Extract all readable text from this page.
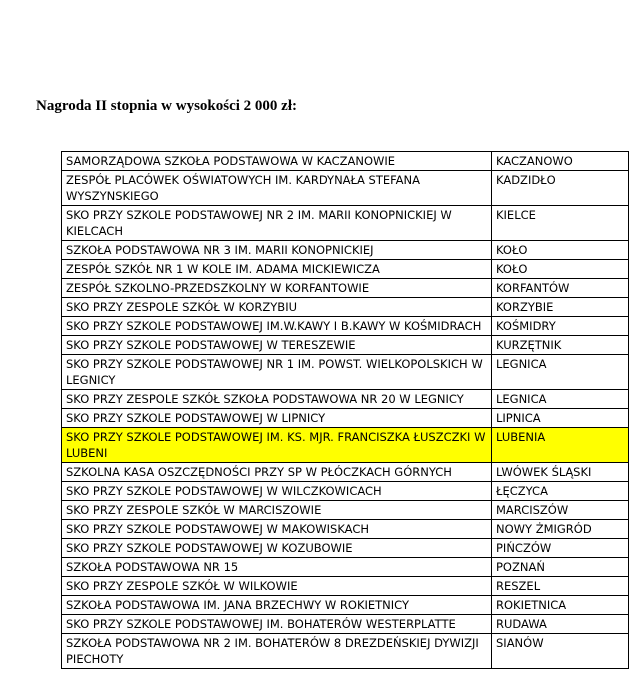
Nagroda II stopnia w wysokości 2 000 zł:

SAMORZĄDOWA SZKOŁA PODSTAWOWA W KACZANOWIE	KACZANOWO
ZESPÓŁ PLACÓWEK OŚWIATOWYCH IM. KARDYNAŁA STEFANA WYSZYNSKIEGO	KADZIDŁO
SKO PRZY SZKOLE PODSTAWOWEJ NR 2 IM. MARII KONOPNICKIEJ W KIELCACH	KIELCE
SZKOŁA PODSTAWOWA NR 3 IM. MARII KONOPNICKIEJ	KOŁO
ZESPÓŁ SZKÓŁ NR 1 W KOLE IM. ADAMA MICKIEWICZA	KOŁO
ZESPÓŁ SZKOLNO-PRZEDSZKOLNY W KORFANTOWIE	KORFANTÓW
SKO PRZY ZESPOLE SZKÓŁ W KORZYBIU	KORZYBIE
SKO PRZY SZKOLE PODSTAWOWEJ IM.W.KAWY I B.KAWY W KOŚMIDRACH	KOŚMIDRY
SKO PRZY SZKOLE PODSTAWOWEJ W TERESZEWIE	KURZĘTNIK
SKO PRZY SZKOLE PODSTAWOWEJ NR 1 IM. POWST. WIELKOPOLSKICH W LEGNICY	LEGNICA
SKO PRZY ZESPOLE SZKÓŁ SZKOŁA PODSTAWOWA NR 20 W LEGNICY	LEGNICA
SKO PRZY SZKOLE PODSTAWOWEJ W LIPNICY	LIPNICA
SKO PRZY SZKOLE PODSTAWOWEJ IM. KS. MJR. FRANCISZKA ŁUSZCZKI W LUBENI	LUBENIA
SZKOLNA KASA OSZCZĘDNOŚCI PRZY SP W PŁÓCZKACH GÓRNYCH	LWÓWEK ŚLĄSKI
SKO PRZY SZKOLE PODSTAWOWEJ W WILCZKOWICACH	ŁĘCZYCA
SKO PRZY ZESPOLE SZKÓŁ W MARCISZOWIE	MARCISZÓW
SKO PRZY SZKOLE PODSTAWOWEJ W MAKOWISKACH	NOWY ŻMIGRÓD
SKO PRZY SZKOLE PODSTAWOWEJ W KOZUBOWIE	PIŃCZÓW
SZKOŁA PODSTAWOWA NR 15	POZNAŃ
SKO PRZY ZESPOLE SZKÓŁ W WILKOWIE	RESZEL
SZKOŁA PODSTAWOWA IM. JANA BRZECHWY W ROKIETNICY	ROKIETNICA
SKO PRZY SZKOLE PODSTAWOWEJ IM. BOHATERÓW WESTERPLATTE	RUDAWA
SZKOŁA PODSTAWOWA NR 2 IM. BOHATERÓW 8 DREZDEŃSKIEJ DYWIZJI PIECHOTY	SIANÓW
